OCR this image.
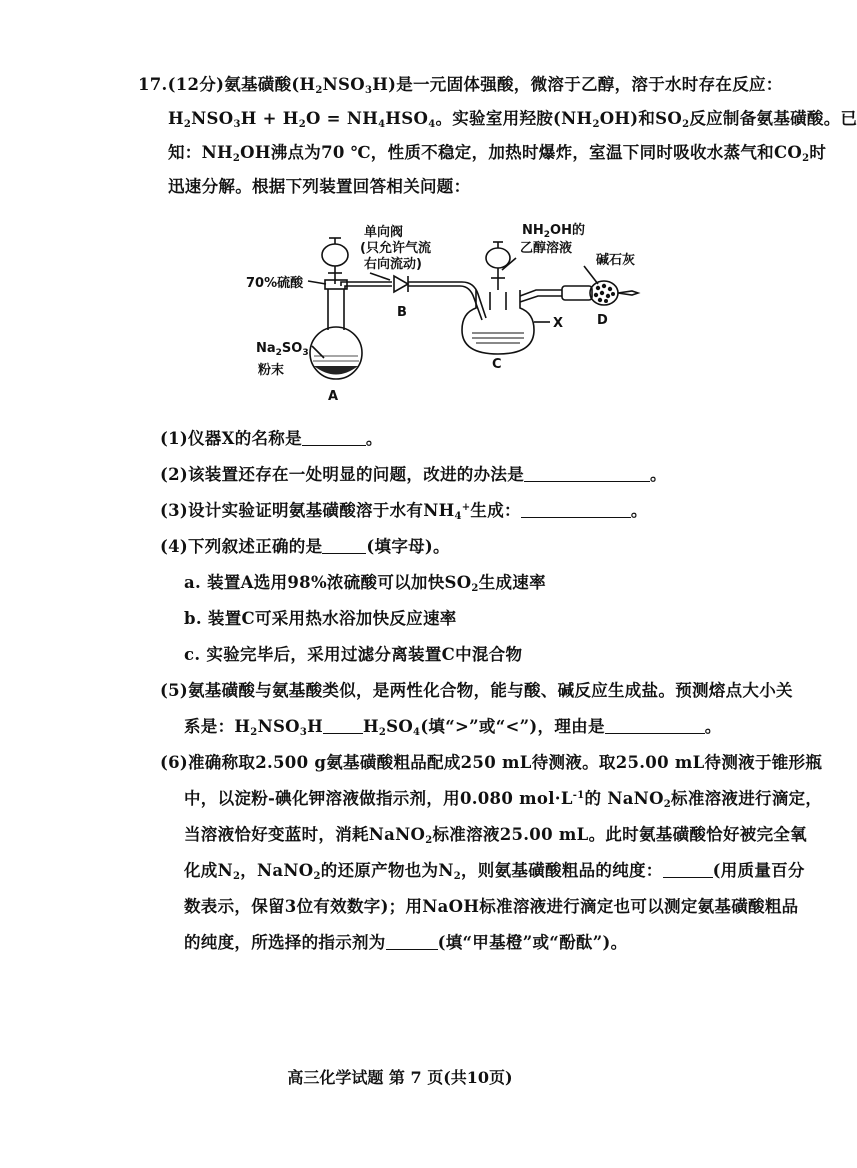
17.(12分)氨基磺酸$(H_2NSO_3H)$是一元固体强酸，微溶于乙醇，溶于水时存在反应：
$H_2NSO_3H + H_2O = NH_4HSO_4$。实验室用羟胺$(NH_2OH)$和$SO_2$反应制备氨基磺酸。已
知：$NH_2OH$沸点为70 ℃，性质不稳定，加热时爆炸，室温下同时吸收水蒸气和$CO_2$时
迅速分解。根据下列装置回答相关问题：
70%硫酸
单向阀
(只允许气流
右向流动)
$NH_2OH$的
乙醇溶液
碱石灰
$Na_2SO_3$
粉末
A
B
C
D
X
(1)仪器X的名称是	。
(2)该装置还存在一处明显的问题，改进的办法是	。
(3)设计实验证明氨基磺酸溶于水有$NH_4^+$生成：	。
(4)下列叙述正确的是	(填字母)。
a. 装置A选用98%浓硫酸可以加快$SO_2$生成速率
b. 装置C可采用热水浴加快反应速率
c. 实验完毕后，采用过滤分离装置C中混合物
(5)氨基磺酸与氨基酸类似，是两性化合物，能与酸、碱反应生成盐。预测熔点大小关
系是：$H_2NSO_3H$ $H_2SO_4$(填“>”或“<”)，理由是	。
(6)准确称取2.500 g氨基磺酸粗品配成250 mL待测液。取25.00 mL待测液于锥形瓶
中，以淀粉-碘化钾溶液做指示剂，用0.080 $mol\cdot L^{-1}$的 NaNO$_2$标准溶液进行滴定，
当溶液恰好变蓝时，消耗NaNO$_2$标准溶液25.00 mL。此时氨基磺酸恰好被完全氧
化成$N_2$，NaNO$_2$的还原产物也为$N_2$，则氨基磺酸粗品的纯度：	(用质量百分
数表示，保留3位有效数字)；用NaOH标准溶液进行滴定也可以测定氨基磺酸粗品
的纯度，所选择的指示剂为	(填“甲基橙”或“酚酞”)。
高三化学试题 第 7 页(共10页)
